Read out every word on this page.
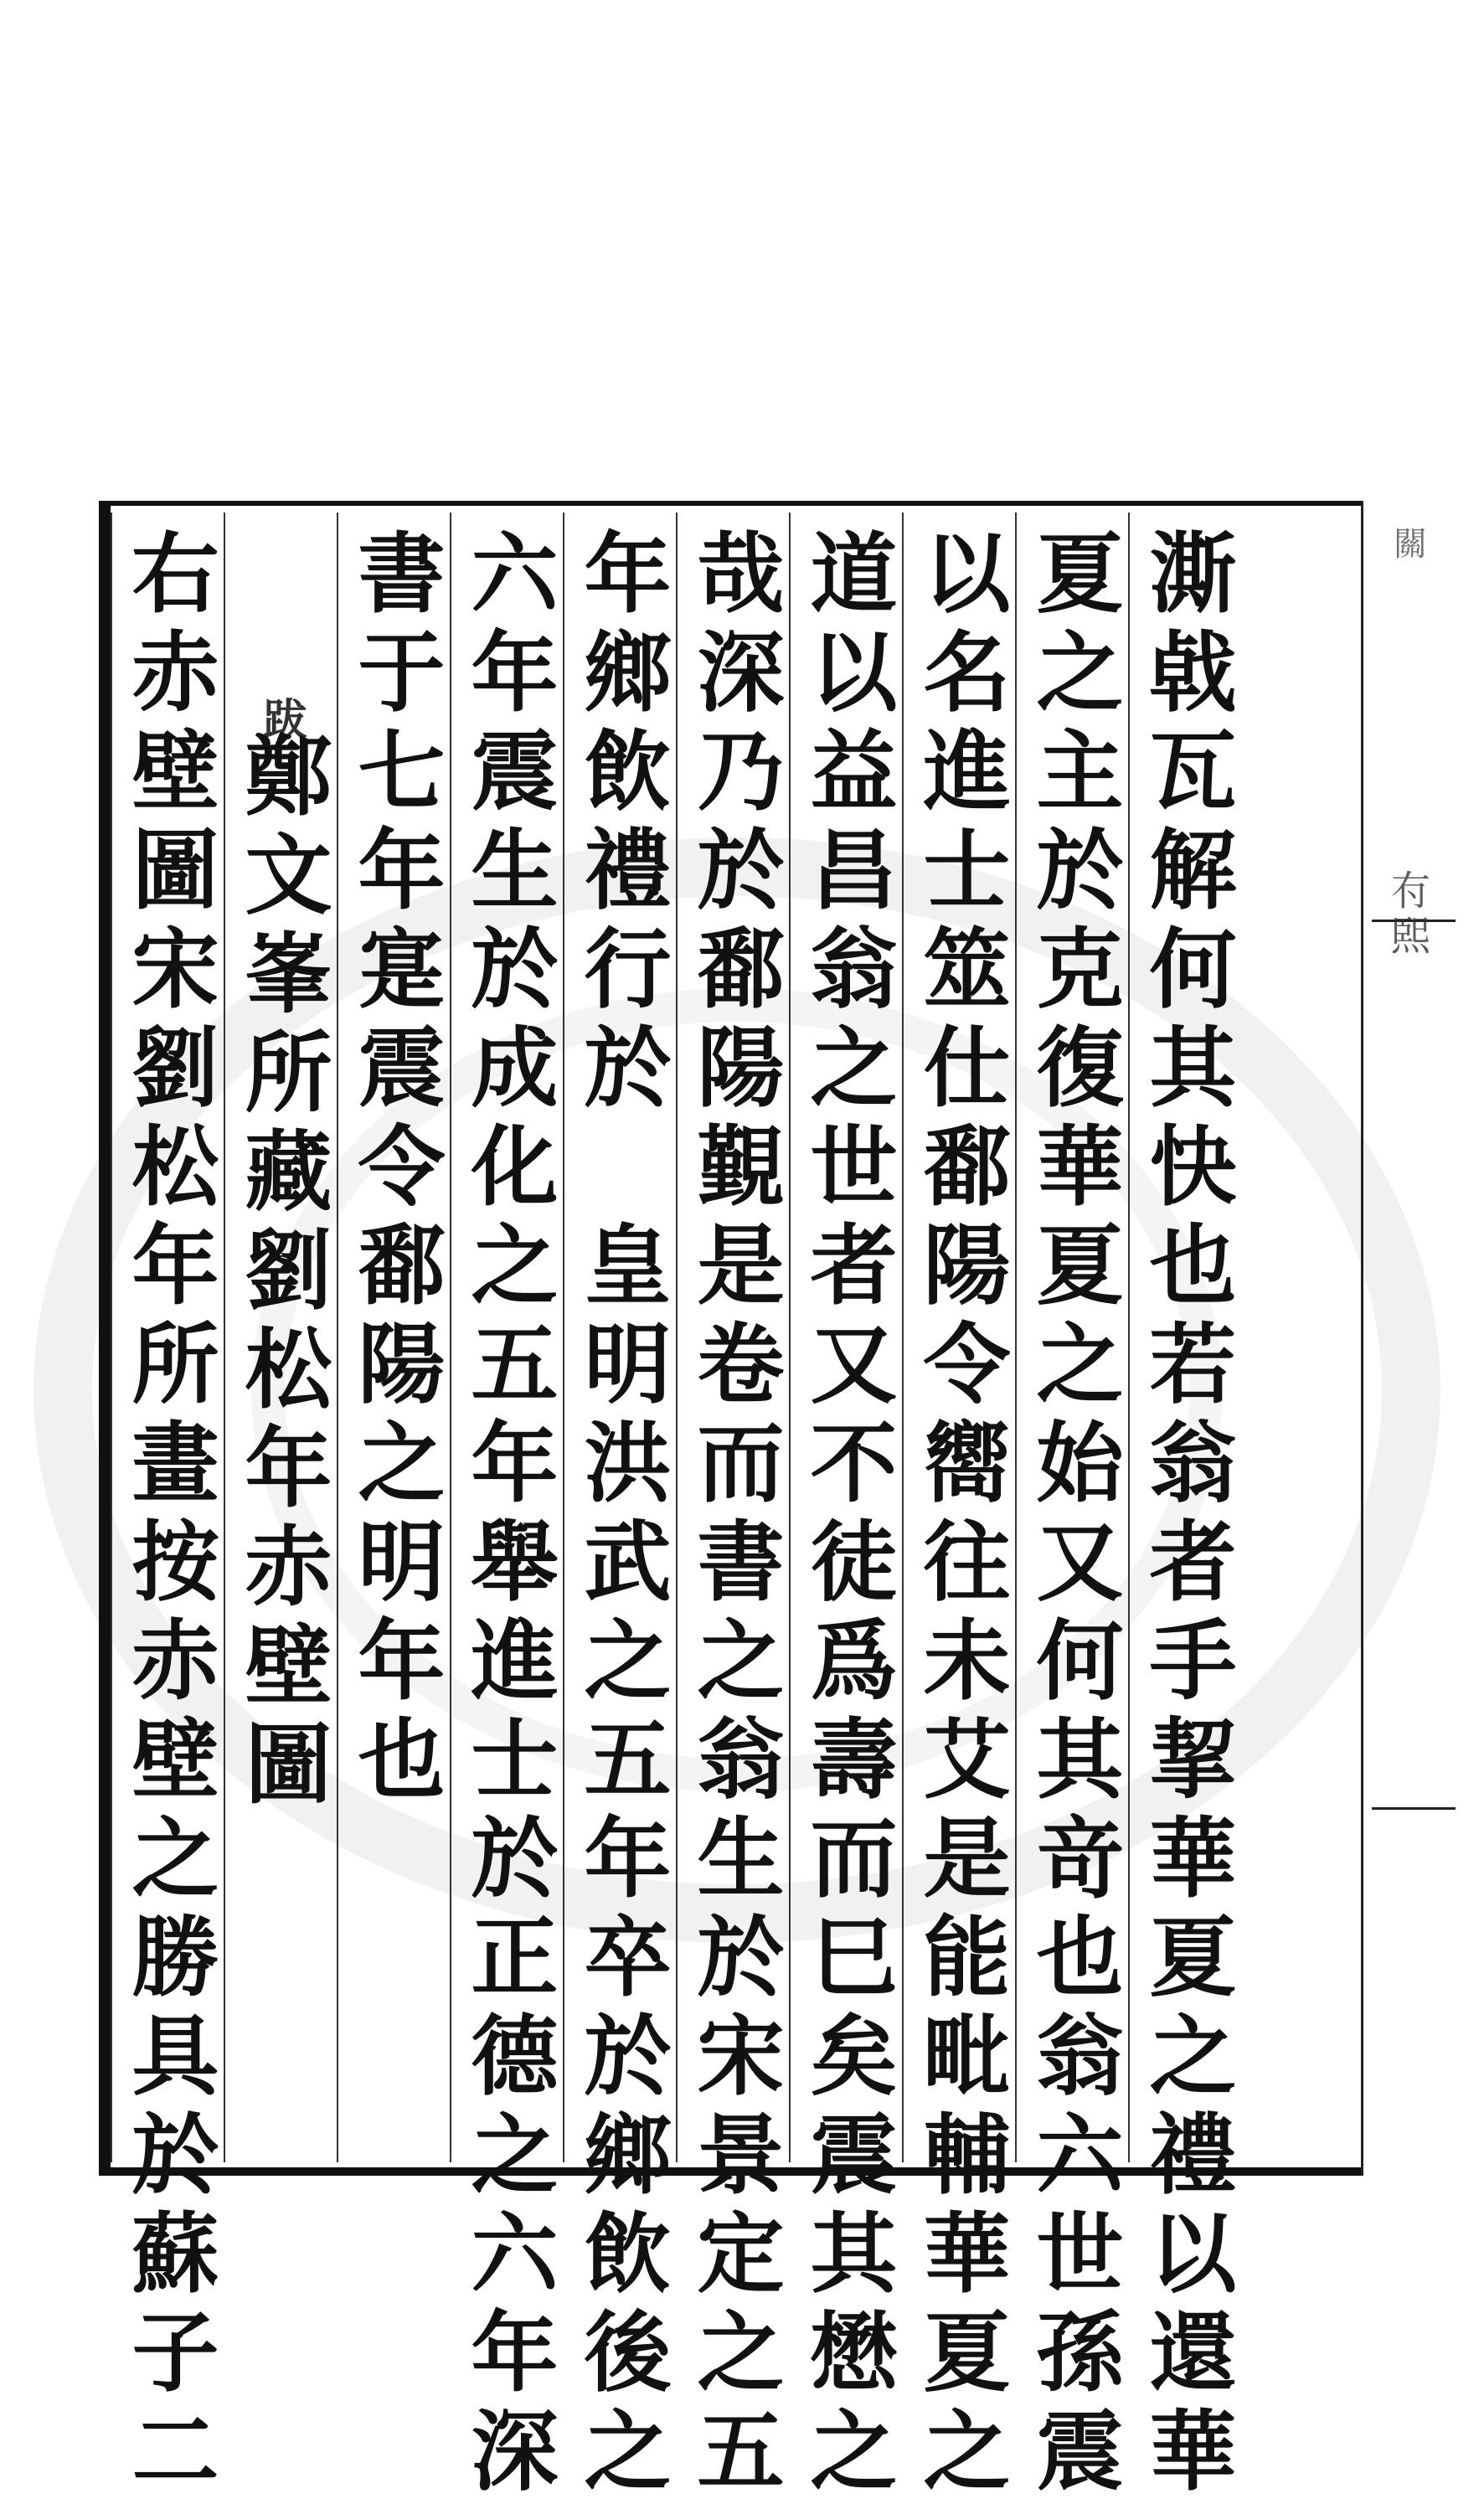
關
𠕇𤋮
澌㦸瓦解何其快也若翁者手挈華夏之禮以還華
夏之主於克復華夏之始又何其竒也翁六世孫震
以名進士筮仕鄱陽令嚮往未艾是能毗輔華夏之
道以益昌翁之世者又不徒爲壽而巳矣震其懋之
哉深乃於鄱陽覲是卷而書之翁生於宋景定之五
年鄉飲禮行於　皇明洪武之五年卒於鄉飲後之
六年震生於成化之五年舉進士於正德之六年深
書于七年寔震令鄱陽之明年也
跋
鄭文峯所藏劉松年赤壁圖
右赤壁圖宋劉松年所畫按赤壁之勝具於蘇子二
